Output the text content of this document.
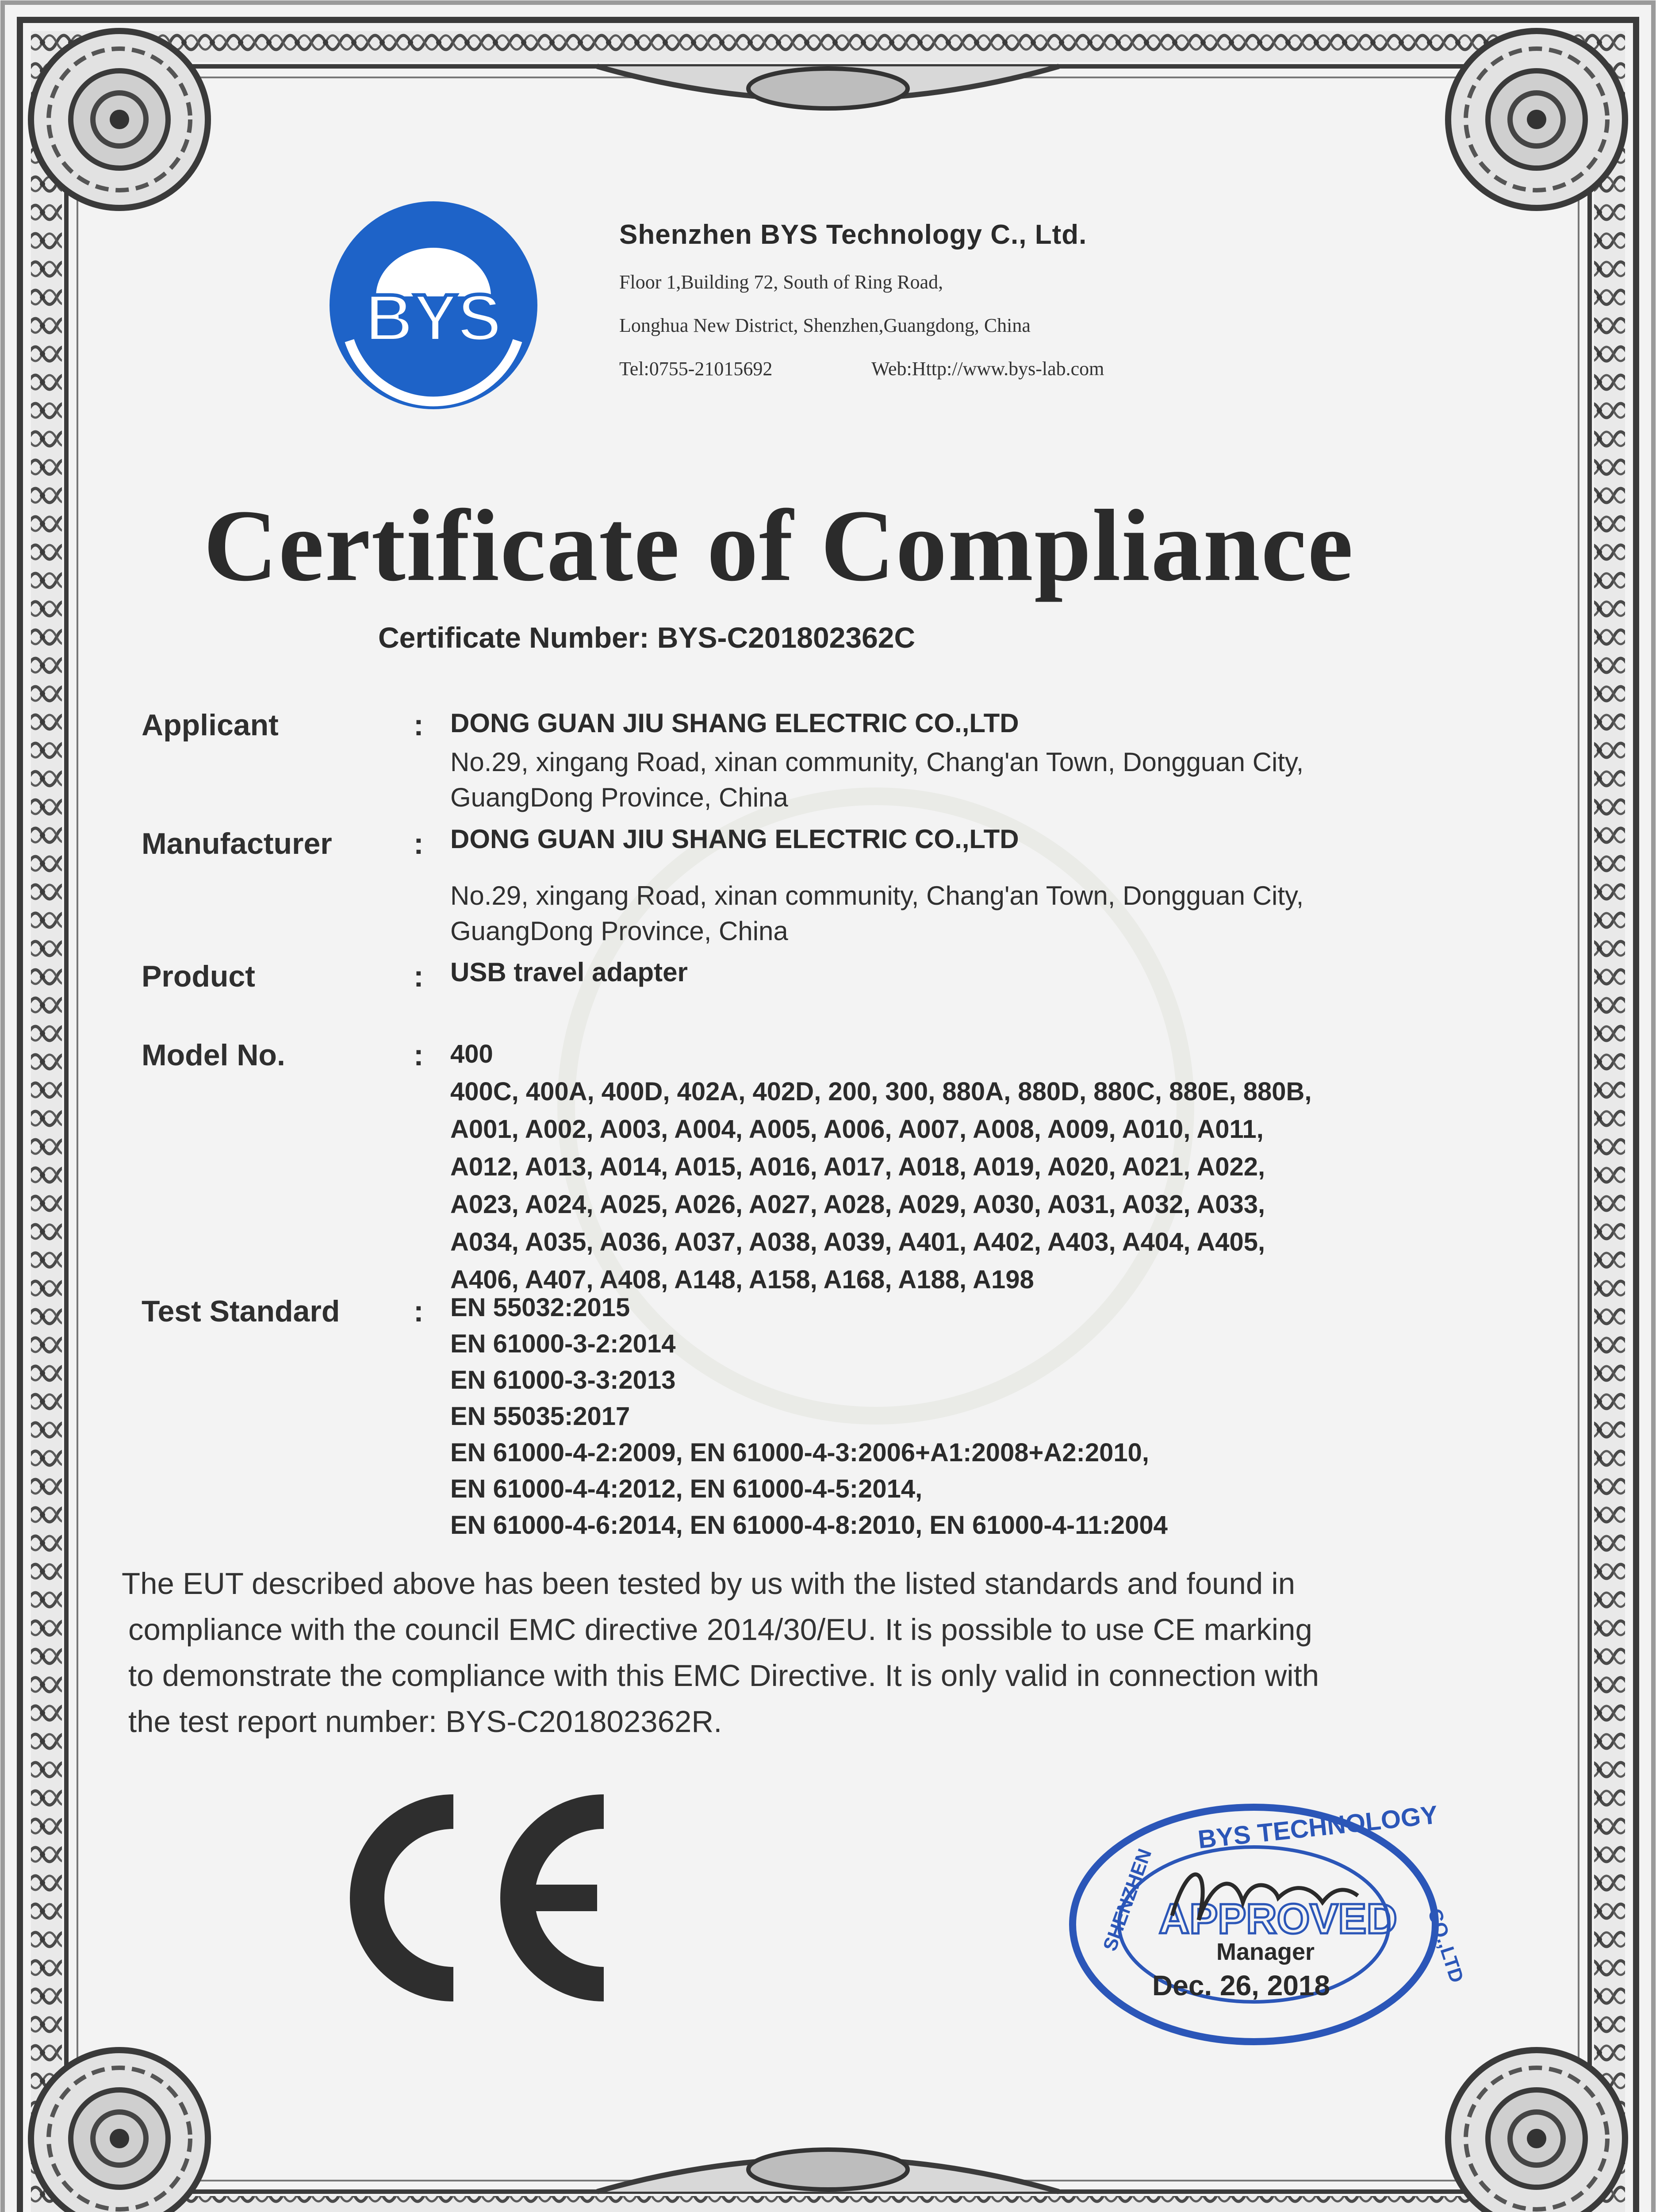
BYS
Shenzhen BYS Technology C., Ltd.
Floor 1,Building 72, South of Ring Road,
Longhua New District, Shenzhen,Guangdong, China
Tel:0755-21015692	Web:Http://www.bys-lab.com
Certificate of Compliance
Certificate Number: BYS-C201802362C
Applicant	: DONG GUAN JIU SHANG ELECTRIC CO.,LTD
No.29, xingang Road, xinan community, Chang'an Town, Dongguan City,
GuangDong Province, China
Manufacturer	: DONG GUAN JIU SHANG ELECTRIC CO.,LTD
No.29, xingang Road, xinan community, Chang'an Town, Dongguan City,
GuangDong Province, China
Product	: USB travel adapter
Model No.	: 400
400C, 400A, 400D, 402A, 402D, 200, 300, 880A, 880D, 880C, 880E, 880B,
A001, A002, A003, A004, A005, A006, A007, A008, A009, A010, A011,
A012, A013, A014, A015, A016, A017, A018, A019, A020, A021, A022,
A023, A024, A025, A026, A027, A028, A029, A030, A031, A032, A033,
A034, A035, A036, A037, A038, A039, A401, A402, A403, A404, A405,
A406, A407, A408, A148, A158, A168, A188, A198
Test Standard : EN 55032:2015
EN 61000-3-2:2014
EN 61000-3-3:2013
EN 55035:2017
EN 61000-4-2:2009, EN 61000-4-3:2006+A1:2008+A2:2010,
EN 61000-4-4:2012, EN 61000-4-5:2014,
EN 61000-4-6:2014, EN 61000-4-8:2010, EN 61000-4-11:2004
The EUT described above has been tested by us with the listed standards and found in
compliance with the council EMC directive 2014/30/EU. It is possible to use CE marking
to demonstrate the compliance with this EMC Directive. It is only valid in connection with
the test report number: BYS-C201802362R.
BYS TECHNOLOGY
SHENZHEN	CO.,LTD
APPROVED
Manager
Dec. 26, 2018
